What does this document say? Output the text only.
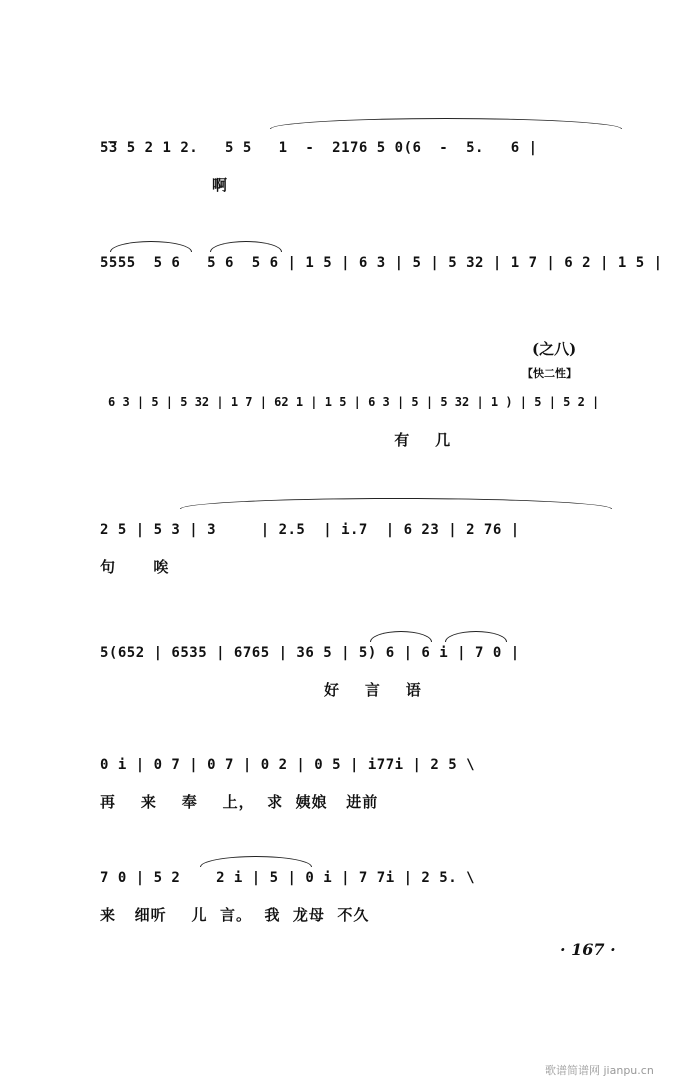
5̅3 5 2 1 2.   5 5   1  -  2176 5 0(6  -  5.   6 |
啊
5555  5 6   5 6  5 6 | 1 5 | 6 3 | 5 | 5 32 | 1 7 | 6 2 | 1 5 |
(之八)
【快二性】
6 3 | 5 | 5 32 | 1 7 | 62 1 | 1 5 | 6 3 | 5 | 5 32 | 1 ) | 5 | 5 2 |
有    几
2 5 | 5 3 | 3     | 2.5  | i.7  | 6 23 | 2 76 |
句      唉
5(652 | 6535 | 6765 | 36 5 | 5) 6 | 6 i | 7 0 |
好    言    语
0 i | 0 7 | 0 7 | 0 2 | 0 5 | i77i | 2 5 \
再    来    奉    上，  求  姨娘   进前
7 0 | 5 2    2 i | 5 | 0 i | 7 7i | 2 5. \
来   细听    儿  言。  我  龙母  不久
· 167 ·
歌谱简谱网 jianpu.cn
